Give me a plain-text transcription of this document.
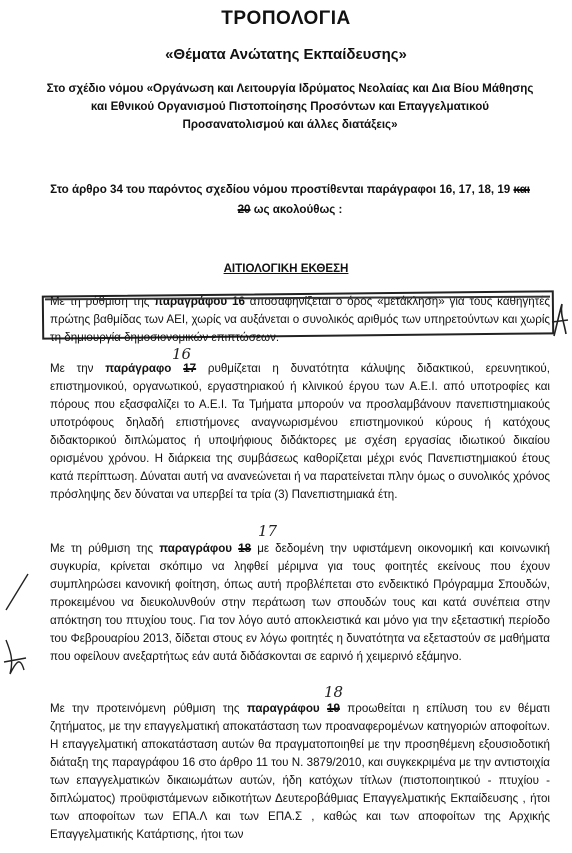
ΤΡΟΠΟΛΟΓΙΑ
«Θέματα Ανώτατης Εκπαίδευσης»
Στο σχέδιο νόμου «Οργάνωση και Λειτουργία Ιδρύματος Νεολαίας και Δια Βίου Μάθησης και Εθνικού Οργανισμού Πιστοποίησης Προσόντων και Επαγγελματικού Προσανατολισμού και άλλες διατάξεις»
Στο άρθρο 34 του παρόντος σχεδίου νόμου προστίθενται παράγραφοι 16, 17, 18, 19 και
20 ως ακολούθως :
ΑΙΤΙΟΛΟΓΙΚΗ ΕΚΘΕΣΗ
Με τη ρύθμιση της παραγράφου 16 αποσαφηνίζεται ο όρος «μετάκληση» για τους καθηγητές πρώτης βαθμίδας των ΑΕΙ, χωρίς να αυξάνεται ο συνολικός αριθμός των υπηρετούντων και χωρίς τη δημιουργία δημοσιονομικών επιπτώσεων.
Με την παράγραφο 17 ρυθμίζεται η δυνατότητα κάλυψης διδακτικού, ερευνητικού, επιστημονικού, οργανωτικού, εργαστηριακού ή κλινικού έργου των Α.Ε.Ι. από υποτροφίες και πόρους που εξασφαλίζει το Α.Ε.Ι. Τα Τμήματα μπορούν να προσλαμβάνουν πανεπιστημιακούς υποτρόφους δηλαδή επιστήμονες αναγνωρισμένου επιστημονικού κύρους ή κατόχους διδακτορικού διπλώματος ή υποψήφιους διδάκτορες με σχέση εργασίας ιδιωτικού δικαίου ορισμένου χρόνου. Η διάρκεια της συμβάσεως καθορίζεται μέχρι ενός Πανεπιστημιακού έτους κατά περίπτωση. Δύναται αυτή να ανανεώνεται ή να παρατείνεται πλην όμως ο συνολικός χρόνος πρόσληψης δεν δύναται να υπερβεί τα τρία (3) Πανεπιστημιακά έτη.
Με τη ρύθμιση της παραγράφου 18 με δεδομένη την υφιστάμενη οικονομική και κοινωνική συγκυρία, κρίνεται σκόπιμο να ληφθεί μέριμνα για τους φοιτητές εκείνους που έχουν συμπληρώσει κανονική φοίτηση, όπως αυτή προβλέπεται στο ενδεικτικό Πρόγραμμα Σπουδών, προκειμένου να διευκολυνθούν στην περάτωση των σπουδών τους και κατά συνέπεια στην απόκτηση του πτυχίου τους. Για τον λόγο αυτό αποκλειστικά και μόνο για την εξεταστική περίοδο του Φεβρουαρίου 2013, δίδεται στους εν λόγω φοιτητές η δυνατότητα να εξεταστούν σε μαθήματα που οφείλουν ανεξαρτήτως εάν αυτά διδάσκονται σε εαρινό ή χειμερινό εξάμηνο.
Με την προτεινόμενη ρύθμιση της παραγράφου 19 προωθείται η επίλυση του εν θέματι ζητήματος, με την επαγγελματική αποκατάσταση των προαναφερομένων κατηγοριών αποφοίτων. Η επαγγελματική αποκατάσταση αυτών θα πραγματοποιηθεί με την προσηθέμενη εξουσιοδοτική διάταξη της παραγράφου 16 στο άρθρο 11 του Ν. 3879/2010, και συγκεκριμένα με την αντιστοιχία των επαγγελματικών δικαιωμάτων αυτών, ήδη κατόχων τίτλων (πιστοποιητικού - πτυχίου - διπλώματος) προϋφιστάμενων ειδικοτήτων Δευτεροβάθμιας Επαγγελματικής Εκπαίδευσης , ήτοι των αποφοίτων των ΕΠΑ.Λ και των ΕΠΑ.Σ , καθώς και των αποφοίτων της Αρχικής Επαγγελματικής Κατάρτισης, ήτοι των
16
17
18
